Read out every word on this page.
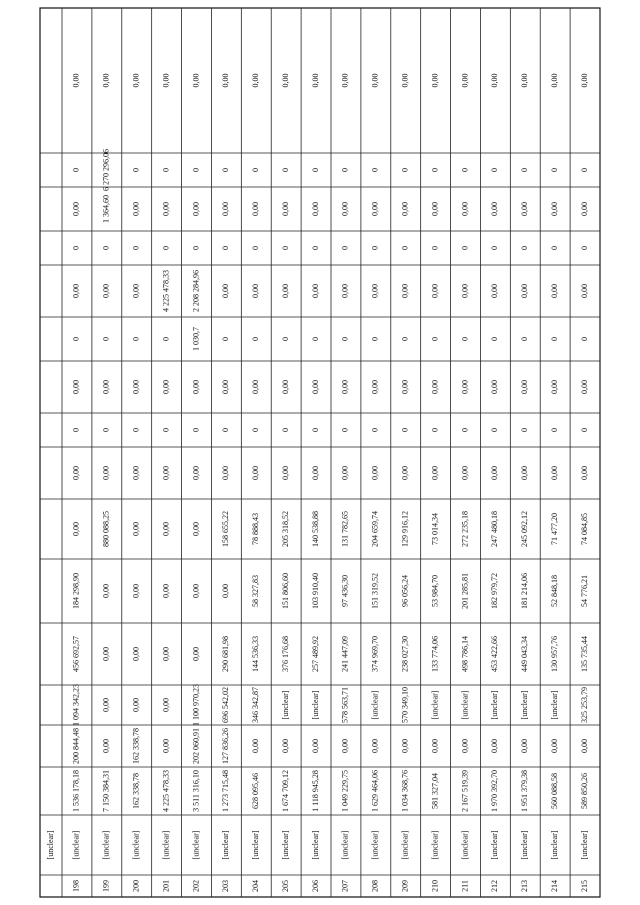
[unclear]
198
[unclear]
1 536 178,18
200 844,48
1 094 342,23
456 692,57
184 298,90
0,00
0,00
0
0,00
0
0,00
0
0,00
0
0,00
199
[unclear]
7 150 384,31
0,00
0,00
0,00
0,00
880 088,25
0,00
0
0,00
0
0,00
0
1 364,60
6 270 296,06
0,00
200
[unclear]
162 338,78
162 338,78
0,00
0,00
0,00
0,00
0,00
0
0,00
0
0,00
0
0,00
0
0,00
201
[unclear]
4 225 478,33
0,00
0,00
0,00
0,00
0,00
0,00
0
0,00
0
4 225 478,33
0
0,00
0
0,00
202
[unclear]
3 511 316,10
202 060,91
1 100 970,23
0,00
0,00
0,00
0,00
0
0,00
1 030,7
2 208 284,96
0
0,00
0
0,00
203
[unclear]
1 273 715,48
127 836,26
696 542,02
290 681,98
0,00
158 655,22
0,00
0
0,00
0
0,00
0
0,00
0
0,00
204
[unclear]
628 095,46
0,00
346 342,87
144 536,33
58 327,83
78 888,43
0,00
0
0,00
0
0,00
0
0,00
0
0,00
205
[unclear]
1 674 709,12
0,00
[unclear]
376 176,68
151 806,60
205 318,52
0,00
0
0,00
0
0,00
0
0,00
0
0,00
206
[unclear]
1 118 945,28
0,00
[unclear]
257 489,92
103 910,40
140 538,88
0,00
0
0,00
0
0,00
0
0,00
0
0,00
207
[unclear]
1 049 229,75
0,00
578 563,71
241 447,09
97 436,30
131 782,65
0,00
0
0,00
0
0,00
0
0,00
0
0,00
208
[unclear]
1 629 464,06
0,00
[unclear]
374 969,70
151 319,52
204 659,74
0,00
0
0,00
0
0,00
0
0,00
0
0,00
209
[unclear]
1 034 368,76
0,00
570 349,10
238 027,30
96 056,24
129 916,12
0,00
0
0,00
0
0,00
0
0,00
0
0,00
210
[unclear]
581 327,04
0,00
[unclear]
133 774,06
53 984,70
73 014,34
0,00
0
0,00
0
0,00
0
0,00
0
0,00
211
[unclear]
2 167 519,39
0,00
[unclear]
498 786,14
201 285,81
272 235,18
0,00
0
0,00
0
0,00
0
0,00
0
0,00
212
[unclear]
1 970 392,70
0,00
[unclear]
453 422,66
182 979,72
247 480,18
0,00
0
0,00
0
0,00
0
0,00
0
0,00
213
[unclear]
1 951 379,38
0,00
[unclear]
449 043,34
181 214,06
245 092,12
0,00
0
0,00
0
0,00
0
0,00
0
0,00
214
[unclear]
560 088,58
0,00
[unclear]
130 957,76
52 848,18
71 477,20
0,00
0
0,00
0
0,00
0
0,00
0
0,00
215
[unclear]
589 850,26
0,00
325 253,79
135 735,44
54 776,21
74 084,85
0,00
0
0,00
0
0,00
0
0,00
0
0,00
